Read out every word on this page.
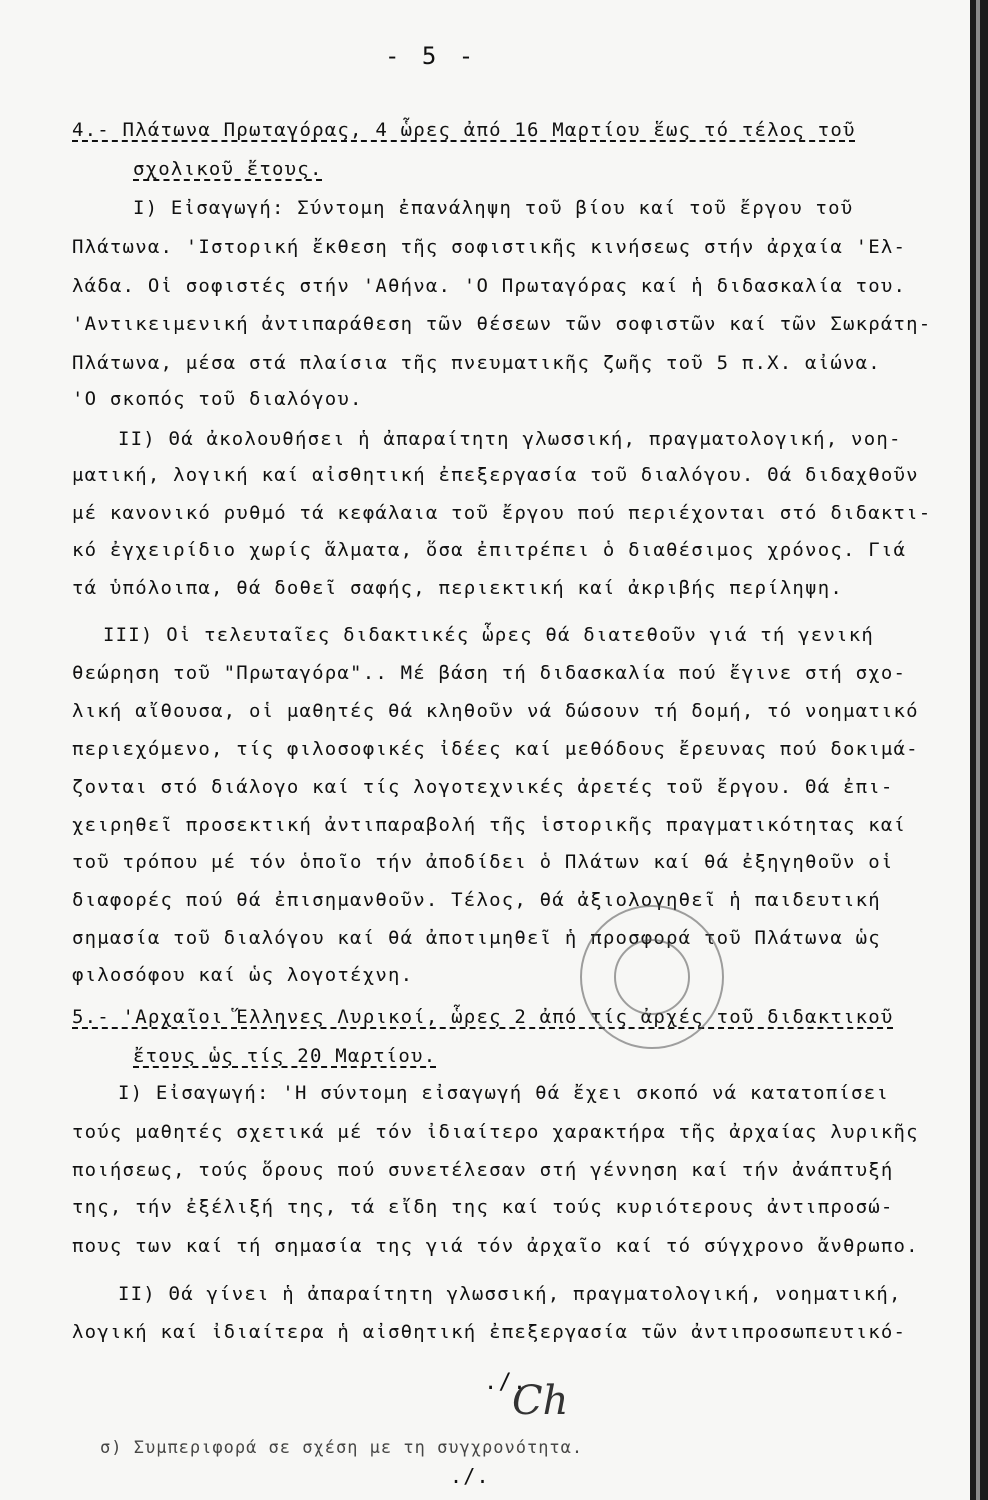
- 5 -
4.- Πλάτωνα Πρωταγόρας, 4 ὧρες ἀπό 16 Μαρτίου ἕως τό τέλος τοῦ
σχολικοῦ ἔτους.
Ι) Εἰσαγωγή: Σύντομη ἐπανάληψη τοῦ βίου καί τοῦ ἔργου τοῦ
Πλάτωνα. 'Ιστορική ἔκθεση τῆς σοφιστικῆς κινήσεως στήν ἀρχαία 'Ελ-
λάδα. Οἱ σοφιστές στήν 'Αθήνα. 'Ο Πρωταγόρας καί ἡ διδασκαλία του.
'Αντικειμενική ἀντιπαράθεση τῶν θέσεων τῶν σοφιστῶν καί τῶν Σωκράτη-
Πλάτωνα, μέσα στά πλαίσια τῆς πνευματικῆς ζωῆς τοῦ 5 π.Χ. αἰώνα.
'Ο σκοπός τοῦ διαλόγου.
ΙΙ) Θά ἀκολουθήσει ἡ ἀπαραίτητη γλωσσική, πραγματολογική, νοη-
ματική, λογική καί αἰσθητική ἐπεξεργασία τοῦ διαλόγου. Θά διδαχθοῦν
μέ κανονικό ρυθμό τά κεφάλαια τοῦ ἔργου πού περιέχονται στό διδακτι-
κό ἐγχειρίδιο χωρίς ἅλματα, ὅσα ἐπιτρέπει ὁ διαθέσιμος χρόνος. Γιά
τά ὑπόλοιπα, θά δοθεῖ σαφής, περιεκτική καί ἀκριβής περίληψη.
ΙΙΙ) Οἱ τελευταῖες διδακτικές ὧρες θά διατεθοῦν γιά τή γενική
θεώρηση τοῦ "Πρωταγόρα".. Μέ βάση τή διδασκαλία πού ἔγινε στή σχο-
λική αἴθουσα, οἱ μαθητές θά κληθοῦν νά δώσουν τή δομή, τό νοηματικό
περιεχόμενο, τίς φιλοσοφικές ἰδέες καί μεθόδους ἔρευνας πού δοκιμά-
ζονται στό διάλογο καί τίς λογοτεχνικές ἀρετές τοῦ ἔργου. Θά ἐπι-
χειρηθεῖ προσεκτική ἀντιπαραβολή τῆς ἱστορικῆς πραγματικότητας καί
τοῦ τρόπου μέ τόν ὁποῖο τήν ἀποδίδει ὁ Πλάτων καί θά ἐξηγηθοῦν οἱ
διαφορές πού θά ἐπισημανθοῦν. Τέλος, θά ἀξιολογηθεῖ ἡ παιδευτική
σημασία τοῦ διαλόγου καί θά ἀποτιμηθεῖ ἡ προσφορά τοῦ Πλάτωνα ὡς
φιλοσόφου καί ὡς λογοτέχνη.
5.- 'Αρχαῖοι Ἕλληνες Λυρικοί, ὧρες 2 ἀπό τίς ἀρχές τοῦ διδακτικοῦ
ἔτους ὡς τίς 20 Μαρτίου.
Ι) Εἰσαγωγή: 'Η σύντομη εἰσαγωγή θά ἔχει σκοπό νά κατατοπίσει
τούς μαθητές σχετικά μέ τόν ἰδιαίτερο χαρακτήρα τῆς ἀρχαίας λυρικῆς
ποιήσεως, τούς ὅρους πού συνετέλεσαν στή γέννηση καί τήν ἀνάπτυξή
της, τήν ἐξέλιξή της, τά εἴδη της καί τούς κυριότερους ἀντιπροσώ-
πους των καί τή σημασία της γιά τόν ἀρχαῖο καί τό σύγχρονο ἄνθρωπο.
ΙΙ) Θά γίνει ἡ ἀπαραίτητη γλωσσική, πραγματολογική, νοηματική,
λογική καί ἰδιαίτερα ἡ αἰσθητική ἐπεξεργασία τῶν ἀντιπροσωπευτικό-
./.
Ch
σ) Συμπεριφορά σε σχέση με τη συγχρονότητα.
./.
